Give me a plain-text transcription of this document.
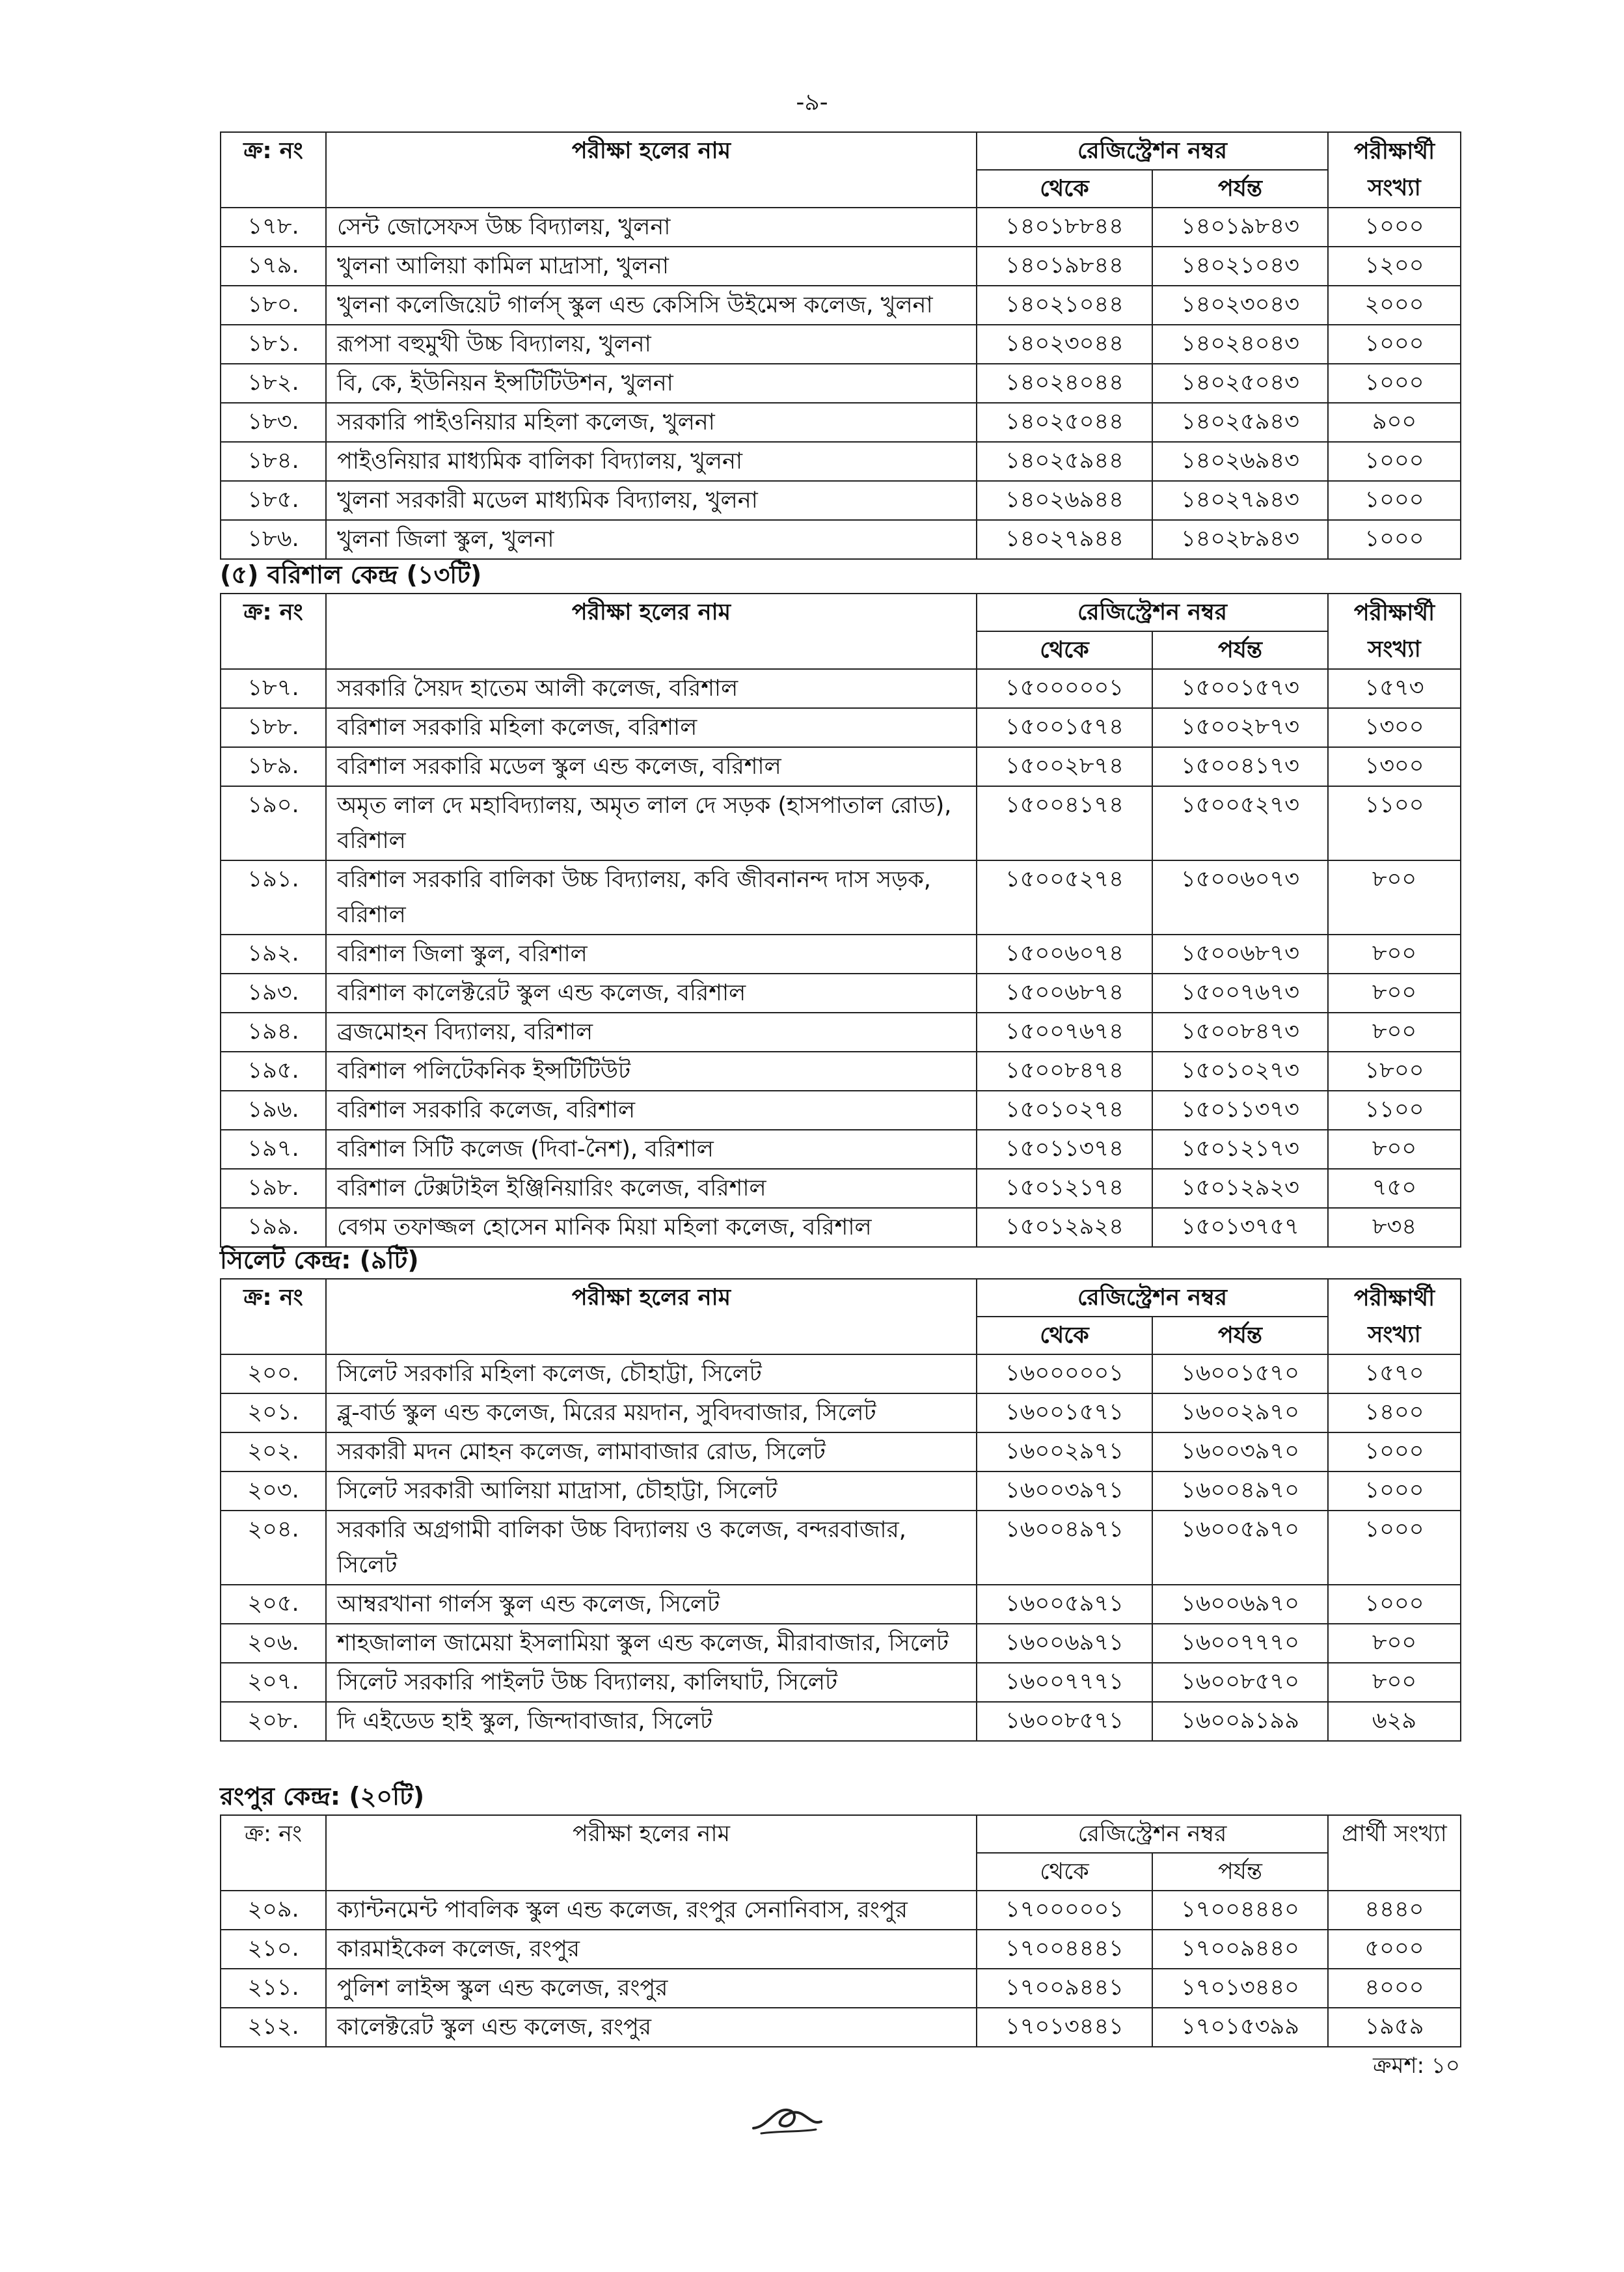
-৯-
ক্র: নং	পরীক্ষা হলের নাম	রেজিস্ট্রেশন নম্বর		পরীক্ষার্থী
সংখ্যা
		থেকে	পর্যন্ত	
১৭৮.	সেন্ট জোসেফস উচ্চ বিদ্যালয়, খুলনা	১৪০১৮৮৪৪	১৪০১৯৮৪৩	১০০০
১৭৯.	খুলনা আলিয়া কামিল মাদ্রাসা, খুলনা	১৪০১৯৮৪৪	১৪০২১০৪৩	১২০০
১৮০.	খুলনা কলেজিয়েট গার্লস্‌ স্কুল এন্ড কেসিসি উইমেন্স কলেজ, খুলনা	১৪০২১০৪৪	১৪০২৩০৪৩	২০০০
১৮১.	রূপসা বহুমুখী উচ্চ বিদ্যালয়, খুলনা	১৪০২৩০৪৪	১৪০২৪০৪৩	১০০০
১৮২.	বি, কে, ইউনিয়ন ইন্সটিটিউশন, খুলনা	১৪০২৪০৪৪	১৪০২৫০৪৩	১০০০
১৮৩.	সরকারি পাইওনিয়ার মহিলা কলেজ, খুলনা	১৪০২৫০৪৪	১৪০২৫৯৪৩	৯০০
১৮৪.	পাইওনিয়ার মাধ্যমিক বালিকা বিদ্যালয়, খুলনা	১৪০২৫৯৪৪	১৪০২৬৯৪৩	১০০০
১৮৫.	খুলনা সরকারী মডেল মাধ্যমিক বিদ্যালয়, খুলনা	১৪০২৬৯৪৪	১৪০২৭৯৪৩	১০০০
১৮৬.	খুলনা জিলা স্কুল, খুলনা	১৪০২৭৯৪৪	১৪০২৮৯৪৩	১০০০
(৫) বরিশাল কেন্দ্র (১৩টি)
ক্র: নং	পরীক্ষা হলের নাম	রেজিস্ট্রেশন নম্বর		পরীক্ষার্থী
সংখ্যা
		থেকে	পর্যন্ত	
১৮৭.	সরকারি সৈয়দ হাতেম আলী কলেজ, বরিশাল	১৫০০০০০১	১৫০০১৫৭৩	১৫৭৩
১৮৮.	বরিশাল সরকারি মহিলা কলেজ, বরিশাল	১৫০০১৫৭৪	১৫০০২৮৭৩	১৩০০
১৮৯.	বরিশাল সরকারি মডেল স্কুল এন্ড কলেজ, বরিশাল	১৫০০২৮৭৪	১৫০০৪১৭৩	১৩০০
১৯০.	অমৃত লাল দে মহাবিদ্যালয়, অমৃত লাল দে সড়ক (হাসপাতাল রোড), বরিশাল	১৫০০৪১৭৪	১৫০০৫২৭৩	১১০০
১৯১.	বরিশাল সরকারি বালিকা উচ্চ বিদ্যালয়, কবি জীবনানন্দ দাস সড়ক, বরিশাল	১৫০০৫২৭৪	১৫০০৬০৭৩	৮০০
১৯২.	বরিশাল জিলা স্কুল, বরিশাল	১৫০০৬০৭৪	১৫০০৬৮৭৩	৮০০
১৯৩.	বরিশাল কালেক্টরেট স্কুল এন্ড কলেজ, বরিশাল	১৫০০৬৮৭৪	১৫০০৭৬৭৩	৮০০
১৯৪.	ব্রজমোহন বিদ্যালয়, বরিশাল	১৫০০৭৬৭৪	১৫০০৮৪৭৩	৮০০
১৯৫.	বরিশাল পলিটেকনিক ইন্সটিটিউট	১৫০০৮৪৭৪	১৫০১০২৭৩	১৮০০
১৯৬.	বরিশাল সরকারি কলেজ, বরিশাল	১৫০১০২৭৪	১৫০১১৩৭৩	১১০০
১৯৭.	বরিশাল সিটি কলেজ (দিবা-নৈশ), বরিশাল	১৫০১১৩৭৪	১৫০১২১৭৩	৮০০
১৯৮.	বরিশাল টেক্সটাইল ইঞ্জিনিয়ারিং কলেজ, বরিশাল	১৫০১২১৭৪	১৫০১২৯২৩	৭৫০
১৯৯.	বেগম তফাজ্জল হোসেন মানিক মিয়া মহিলা কলেজ, বরিশাল	১৫০১২৯২৪	১৫০১৩৭৫৭	৮৩৪
সিলেট কেন্দ্র: (৯টি)
ক্র: নং	পরীক্ষা হলের নাম	রেজিস্ট্রেশন নম্বর		পরীক্ষার্থী
সংখ্যা
		থেকে	পর্যন্ত	
২০০.	সিলেট সরকারি মহিলা কলেজ, চৌহাট্টা, সিলেট	১৬০০০০০১	১৬০০১৫৭০	১৫৭০
২০১.	ব্লু-বার্ড স্কুল এন্ড কলেজ, মিরের ময়দান, সুবিদবাজার, সিলেট	১৬০০১৫৭১	১৬০০২৯৭০	১৪০০
২০২.	সরকারী মদন মোহন কলেজ, লামাবাজার রোড, সিলেট	১৬০০২৯৭১	১৬০০৩৯৭০	১০০০
২০৩.	সিলেট সরকারী আলিয়া মাদ্রাসা, চৌহাট্টা, সিলেট	১৬০০৩৯৭১	১৬০০৪৯৭০	১০০০
২০৪.	সরকারি অগ্রগামী বালিকা উচ্চ বিদ্যালয় ও কলেজ, বন্দরবাজার, সিলেট	১৬০০৪৯৭১	১৬০০৫৯৭০	১০০০
২০৫.	আম্বরখানা গার্লস স্কুল এন্ড কলেজ, সিলেট	১৬০০৫৯৭১	১৬০০৬৯৭০	১০০০
২০৬.	শাহজালাল জামেয়া ইসলামিয়া স্কুল এন্ড কলেজ, মীরাবাজার, সিলেট	১৬০০৬৯৭১	১৬০০৭৭৭০	৮০০
২০৭.	সিলেট সরকারি পাইলট উচ্চ বিদ্যালয়, কালিঘাট, সিলেট	১৬০০৭৭৭১	১৬০০৮৫৭০	৮০০
২০৮.	দি এইডেড হাই স্কুল, জিন্দাবাজার, সিলেট	১৬০০৮৫৭১	১৬০০৯১৯৯	৬২৯
রংপুর কেন্দ্র: (২০টি)
ক্র: নং	পরীক্ষা হলের নাম	রেজিস্ট্রেশন নম্বর		প্রার্থী সংখ্যা
		থেকে	পর্যন্ত	
২০৯.	ক্যান্টনমেন্ট পাবলিক স্কুল এন্ড কলেজ, রংপুর সেনানিবাস, রংপুর	১৭০০০০০১	১৭০০৪৪৪০	৪৪৪০
২১০.	কারমাইকেল কলেজ, রংপুর	১৭০০৪৪৪১	১৭০০৯৪৪০	৫০০০
২১১.	পুলিশ লাইন্স স্কুল এন্ড কলেজ, রংপুর	১৭০০৯৪৪১	১৭০১৩৪৪০	৪০০০
২১২.	কালেক্টরেট স্কুল এন্ড কলেজ, রংপুর	১৭০১৩৪৪১	১৭০১৫৩৯৯	১৯৫৯
ক্রমশ: ১০
